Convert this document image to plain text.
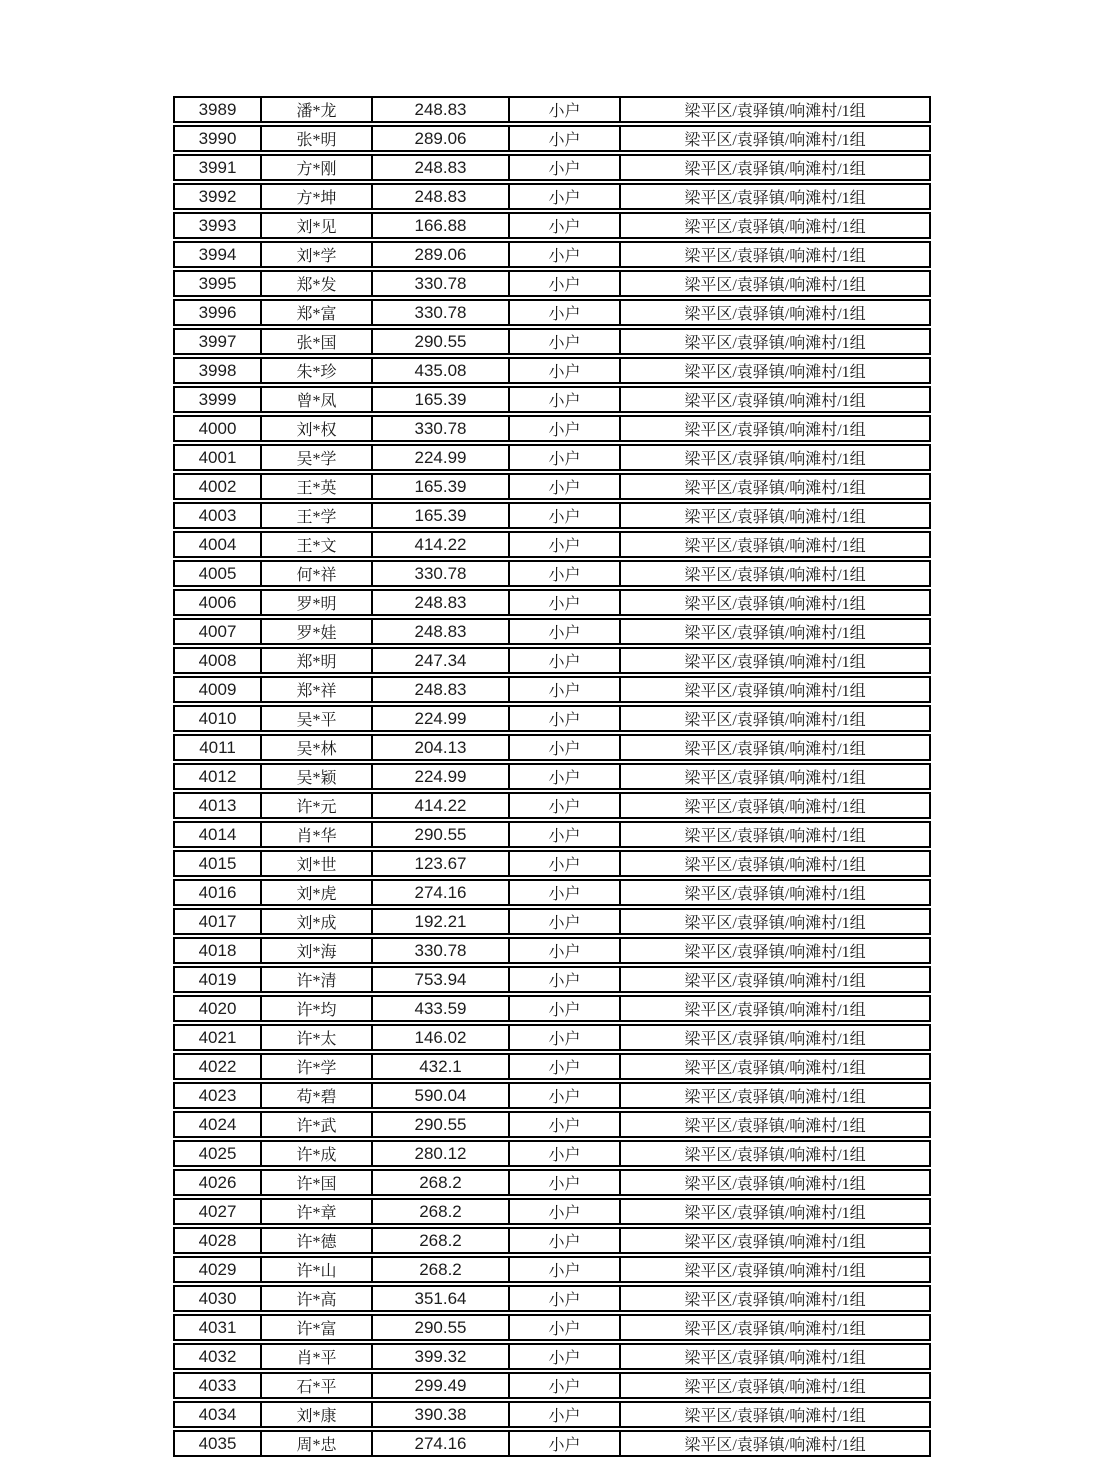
3989	潘*龙	248.83	小户	梁平区/袁驿镇/响滩村/1组
3990	张*明	289.06	小户	梁平区/袁驿镇/响滩村/1组
3991	方*刚	248.83	小户	梁平区/袁驿镇/响滩村/1组
3992	方*坤	248.83	小户	梁平区/袁驿镇/响滩村/1组
3993	刘*见	166.88	小户	梁平区/袁驿镇/响滩村/1组
3994	刘*学	289.06	小户	梁平区/袁驿镇/响滩村/1组
3995	郑*发	330.78	小户	梁平区/袁驿镇/响滩村/1组
3996	郑*富	330.78	小户	梁平区/袁驿镇/响滩村/1组
3997	张*国	290.55	小户	梁平区/袁驿镇/响滩村/1组
3998	朱*珍	435.08	小户	梁平区/袁驿镇/响滩村/1组
3999	曾*凤	165.39	小户	梁平区/袁驿镇/响滩村/1组
4000	刘*权	330.78	小户	梁平区/袁驿镇/响滩村/1组
4001	吴*学	224.99	小户	梁平区/袁驿镇/响滩村/1组
4002	王*英	165.39	小户	梁平区/袁驿镇/响滩村/1组
4003	王*学	165.39	小户	梁平区/袁驿镇/响滩村/1组
4004	王*文	414.22	小户	梁平区/袁驿镇/响滩村/1组
4005	何*祥	330.78	小户	梁平区/袁驿镇/响滩村/1组
4006	罗*明	248.83	小户	梁平区/袁驿镇/响滩村/1组
4007	罗*娃	248.83	小户	梁平区/袁驿镇/响滩村/1组
4008	郑*明	247.34	小户	梁平区/袁驿镇/响滩村/1组
4009	郑*祥	248.83	小户	梁平区/袁驿镇/响滩村/1组
4010	吴*平	224.99	小户	梁平区/袁驿镇/响滩村/1组
4011	吴*林	204.13	小户	梁平区/袁驿镇/响滩村/1组
4012	吴*颖	224.99	小户	梁平区/袁驿镇/响滩村/1组
4013	许*元	414.22	小户	梁平区/袁驿镇/响滩村/1组
4014	肖*华	290.55	小户	梁平区/袁驿镇/响滩村/1组
4015	刘*世	123.67	小户	梁平区/袁驿镇/响滩村/1组
4016	刘*虎	274.16	小户	梁平区/袁驿镇/响滩村/1组
4017	刘*成	192.21	小户	梁平区/袁驿镇/响滩村/1组
4018	刘*海	330.78	小户	梁平区/袁驿镇/响滩村/1组
4019	许*清	753.94	小户	梁平区/袁驿镇/响滩村/1组
4020	许*均	433.59	小户	梁平区/袁驿镇/响滩村/1组
4021	许*太	146.02	小户	梁平区/袁驿镇/响滩村/1组
4022	许*学	432.1	小户	梁平区/袁驿镇/响滩村/1组
4023	苟*碧	590.04	小户	梁平区/袁驿镇/响滩村/1组
4024	许*武	290.55	小户	梁平区/袁驿镇/响滩村/1组
4025	许*成	280.12	小户	梁平区/袁驿镇/响滩村/1组
4026	许*国	268.2	小户	梁平区/袁驿镇/响滩村/1组
4027	许*章	268.2	小户	梁平区/袁驿镇/响滩村/1组
4028	许*德	268.2	小户	梁平区/袁驿镇/响滩村/1组
4029	许*山	268.2	小户	梁平区/袁驿镇/响滩村/1组
4030	许*高	351.64	小户	梁平区/袁驿镇/响滩村/1组
4031	许*富	290.55	小户	梁平区/袁驿镇/响滩村/1组
4032	肖*平	399.32	小户	梁平区/袁驿镇/响滩村/1组
4033	石*平	299.49	小户	梁平区/袁驿镇/响滩村/1组
4034	刘*康	390.38	小户	梁平区/袁驿镇/响滩村/1组
4035	周*忠	274.16	小户	梁平区/袁驿镇/响滩村/1组
